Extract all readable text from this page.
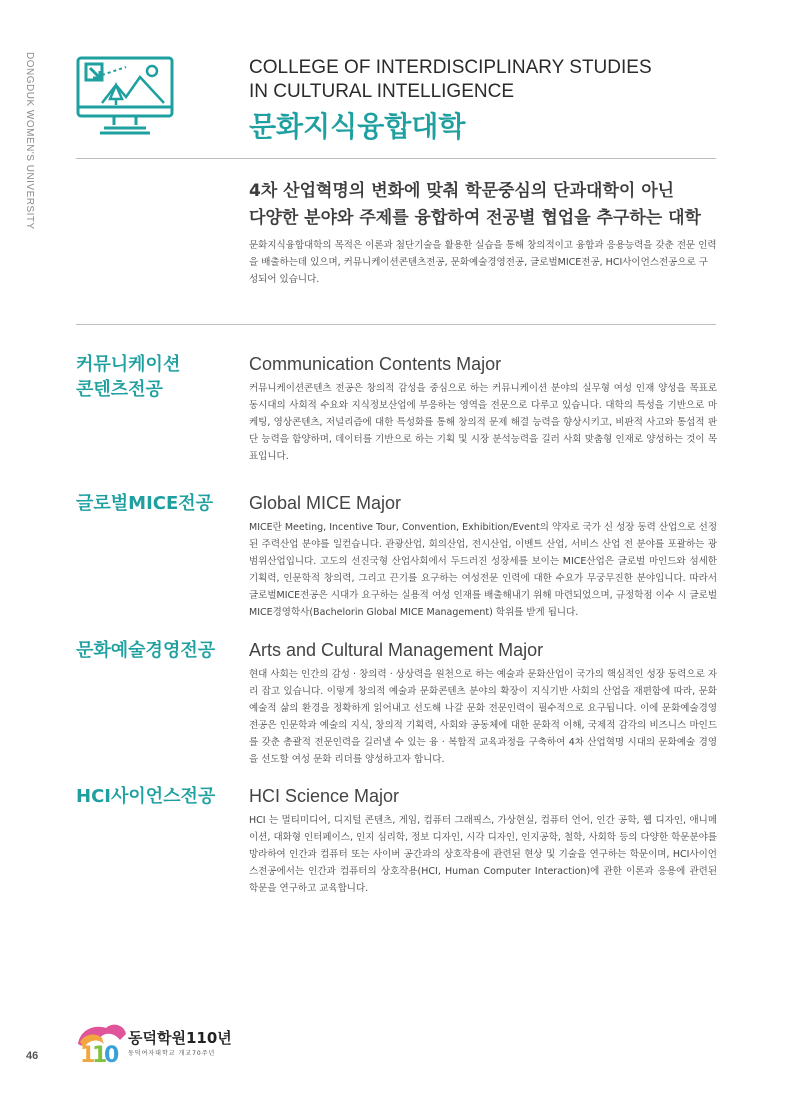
DONGDUK WOMEN'S UNIVERSITY	COLLEGE OF INTERDISCIPLINARY STUDIES
IN CULTURAL INTELLIGENCE
문화지식융합대학
4차 산업혁명의 변화에 맞춰 학문중심의 단과대학이 아닌
다양한 분야와 주제를 융합하여 전공별 협업을 추구하는 대학
문화지식융합대학의 목적은 이론과 첨단기술을 활용한 실습을 통해 창의적이고 융합과 응용능력을 갖춘 전문 인력을 배출하는데 있으며, 커뮤니케이션콘텐츠전공, 문화예술경영전공, 글로벌MICE전공, HCI사이언스전공으로 구성되어 있습니다.
커뮤니케이션
콘텐츠전공
Communication Contents Major
커뮤니케이션콘텐츠 전공은 창의적 감성을 중심으로 하는 커뮤니케이션 분야의 실무형 여성 인재 양성을 목표로 동시대의 사회적 수요와 지식정보산업에 부응하는 영역을 전문으로 다루고 있습니다. 대학의 특성을 기반으로 마케팅, 영상콘텐츠, 저널리즘에 대한 특성화를 통해 창의적 문제 해결 능력을 향상시키고, 비판적 사고와 통섭적 판단 능력을 함양하며, 데이터를 기반으로 하는 기획 및 시장 분석능력을 길러 사회 맞춤형 인재로 양성하는 것이 목표입니다.
글로벌MICE전공	Global MICE Major
MICE란 Meeting, Incentive Tour, Convention, Exhibition/Event의 약자로 국가 신 성장 동력 산업으로 선정된 주력산업 분야를 일컫습니다. 관광산업, 회의산업, 전시산업, 이벤트 산업, 서비스 산업 전 분야를 포괄하는 광범위산업입니다. 고도의 선진국형 산업사회에서 두드러진 성장세를 보이는 MICE산업은 글로벌 마인드와 섬세한 기획력, 인문학적 창의력, 그리고 끈기를 요구하는 여성전문 인력에 대한 수요가 무궁무진한 분야입니다. 따라서 글로벌MICE전공은 시대가 요구하는 실용적 여성 인재를 배출해내기 위해 마련되었으며, 규정학점 이수 시 글로벌MICE경영학사(Bachelorin Global MICE Management) 학위를 받게 됩니다.
문화예술경영전공	Arts and Cultural Management Major
현대 사회는 인간의 감성 · 창의력 · 상상력을 원천으로 하는 예술과 문화산업이 국가의 핵심적인 성장 동력으로 자리 잡고 있습니다. 이렇게 창의적 예술과 문화콘텐츠 분야의 확장이 지식기반 사회의 산업을 재편함에 따라, 문화 예술적 삶의 환경을 정확하게 읽어내고 선도해 나갈 문화 전문인력이 필수적으로 요구됩니다. 이에 문화예술경영전공은 인문학과 예술의 지식, 창의적 기획력, 사회와 공동체에 대한 문화적 이해, 국제적 감각의 비즈니스 마인드를 갖춘 총괄적 전문인력을 길러낼 수 있는 융 · 복합적 교육과정을 구축하여 4차 산업혁명 시대의 문화예술 경영을 선도할 여성 문화 리더를 양성하고자 합니다.
HCI사이언스전공	HCI Science Major
HCI 는 멀티미디어, 디지털 콘텐츠, 게임, 컴퓨터 그래픽스, 가상현실, 컴퓨터 언어, 인간 공학, 웹 디자인, 애니메이션, 대화형 인터페이스, 인지 심리학, 정보 디자인, 시각 디자인, 인지공학, 철학, 사회학 등의 다양한 학문분야를 망라하여 인간과 컴퓨터 또는 사이버 공간과의 상호작용에 관련된 현상 및 기술을 연구하는 학문이며, HCI사이언스전공에서는 인간과 컴퓨터의 상호작용(HCI, Human Computer Interaction)에 관한 이론과 응용에 관련된 학문을 연구하고 교육합니다.
46 1
1
0
동덕학원110년
동덕여자대학교 개교70주년
